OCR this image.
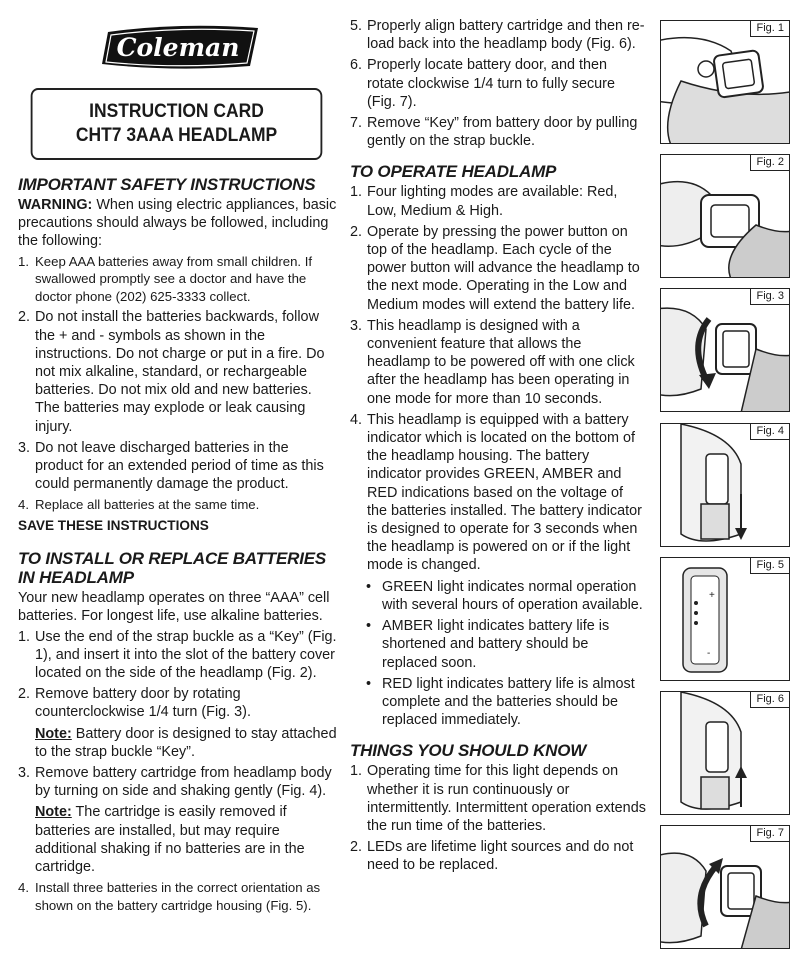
Coleman
INSTRUCTION CARD
CHT7 3AAA HEADLAMP
IMPORTANT SAFETY INSTRUCTIONS

WARNING: When using electric appliances, basic precautions should always be followed, including the following:

1. Keep AAA batteries away from small children. If swallowed promptly see a doctor and have the doctor phone (202) 625-3333 collect.
2. Do not install the batteries backwards, follow the + and - symbols as shown in the instructions. Do not charge or put in a fire. Do not mix alkaline, standard, or rechargeable batteries. Do not mix old and new batteries. The batteries may explode or leak causing injury.
3. Do not leave discharged batteries in the product for an extended period of time as this could permanently damage the product.
4. Replace all batteries at the same time.
SAVE THESE INSTRUCTIONS
TO INSTALL OR REPLACE BATTERIES IN HEADLAMP

Your new headlamp operates on three “AAA” cell batteries. For longest life, use alkaline batteries.

1. Use the end of the strap buckle as a “Key” (Fig. 1), and insert it into the slot of the battery cover located on the side of the headlamp (Fig. 2).
2. Remove battery door by rotating counterclockwise 1/4 turn (Fig. 3).
Note: Battery door is designed to stay attached to the strap buckle “Key”.
3. Remove battery cartridge from headlamp body by turning on side and shaking gently (Fig. 4).
Note: The cartridge is easily removed if batteries are installed, but may require additional shaking if no batteries are in the cartridge.
4. Install three batteries in the correct orientation as shown on the battery cartridge housing (Fig. 5).
5. Properly align battery cartridge and then re-load back into the headlamp body (Fig. 6).
6. Properly locate battery door, and then rotate clockwise 1/4 turn to fully secure (Fig. 7).
7. Remove “Key” from battery door by pulling gently on the strap buckle.
TO OPERATE HEADLAMP
1. Four lighting modes are available: Red, Low, Medium & High.
2. Operate by pressing the power button on top of the headlamp. Each cycle of the power button will advance the headlamp to the next mode. Operating in the Low and Medium modes will extend the battery life.
3. This headlamp is designed with a convenient feature that allows the headlamp to be powered off with one click after the headlamp has been operating in one mode for more than 10 seconds.
4. This headlamp is equipped with a battery indicator which is located on the bottom of the headlamp housing. The battery indicator provides GREEN, AMBER and RED indications based on the voltage of the batteries installed. The battery indicator is designed to operate for 3 seconds when the headlamp is powered on or if the light mode is changed.
• GREEN light indicates normal operation with several hours of operation available.
• AMBER light indicates battery life is shortened and battery should be replaced soon.
• RED light indicates battery life is almost complete and the batteries should be replaced immediately.
THINGS YOU SHOULD KNOW
1. Operating time for this light depends on whether it is run continuously or intermittently. Intermittent operation extends the run time of the batteries.
2. LEDs are lifetime light sources and do not need to be replaced.
Fig. 1
Fig. 2
Fig. 3
Fig. 4
+
-
Fig. 5
Fig. 6
Fig. 7
